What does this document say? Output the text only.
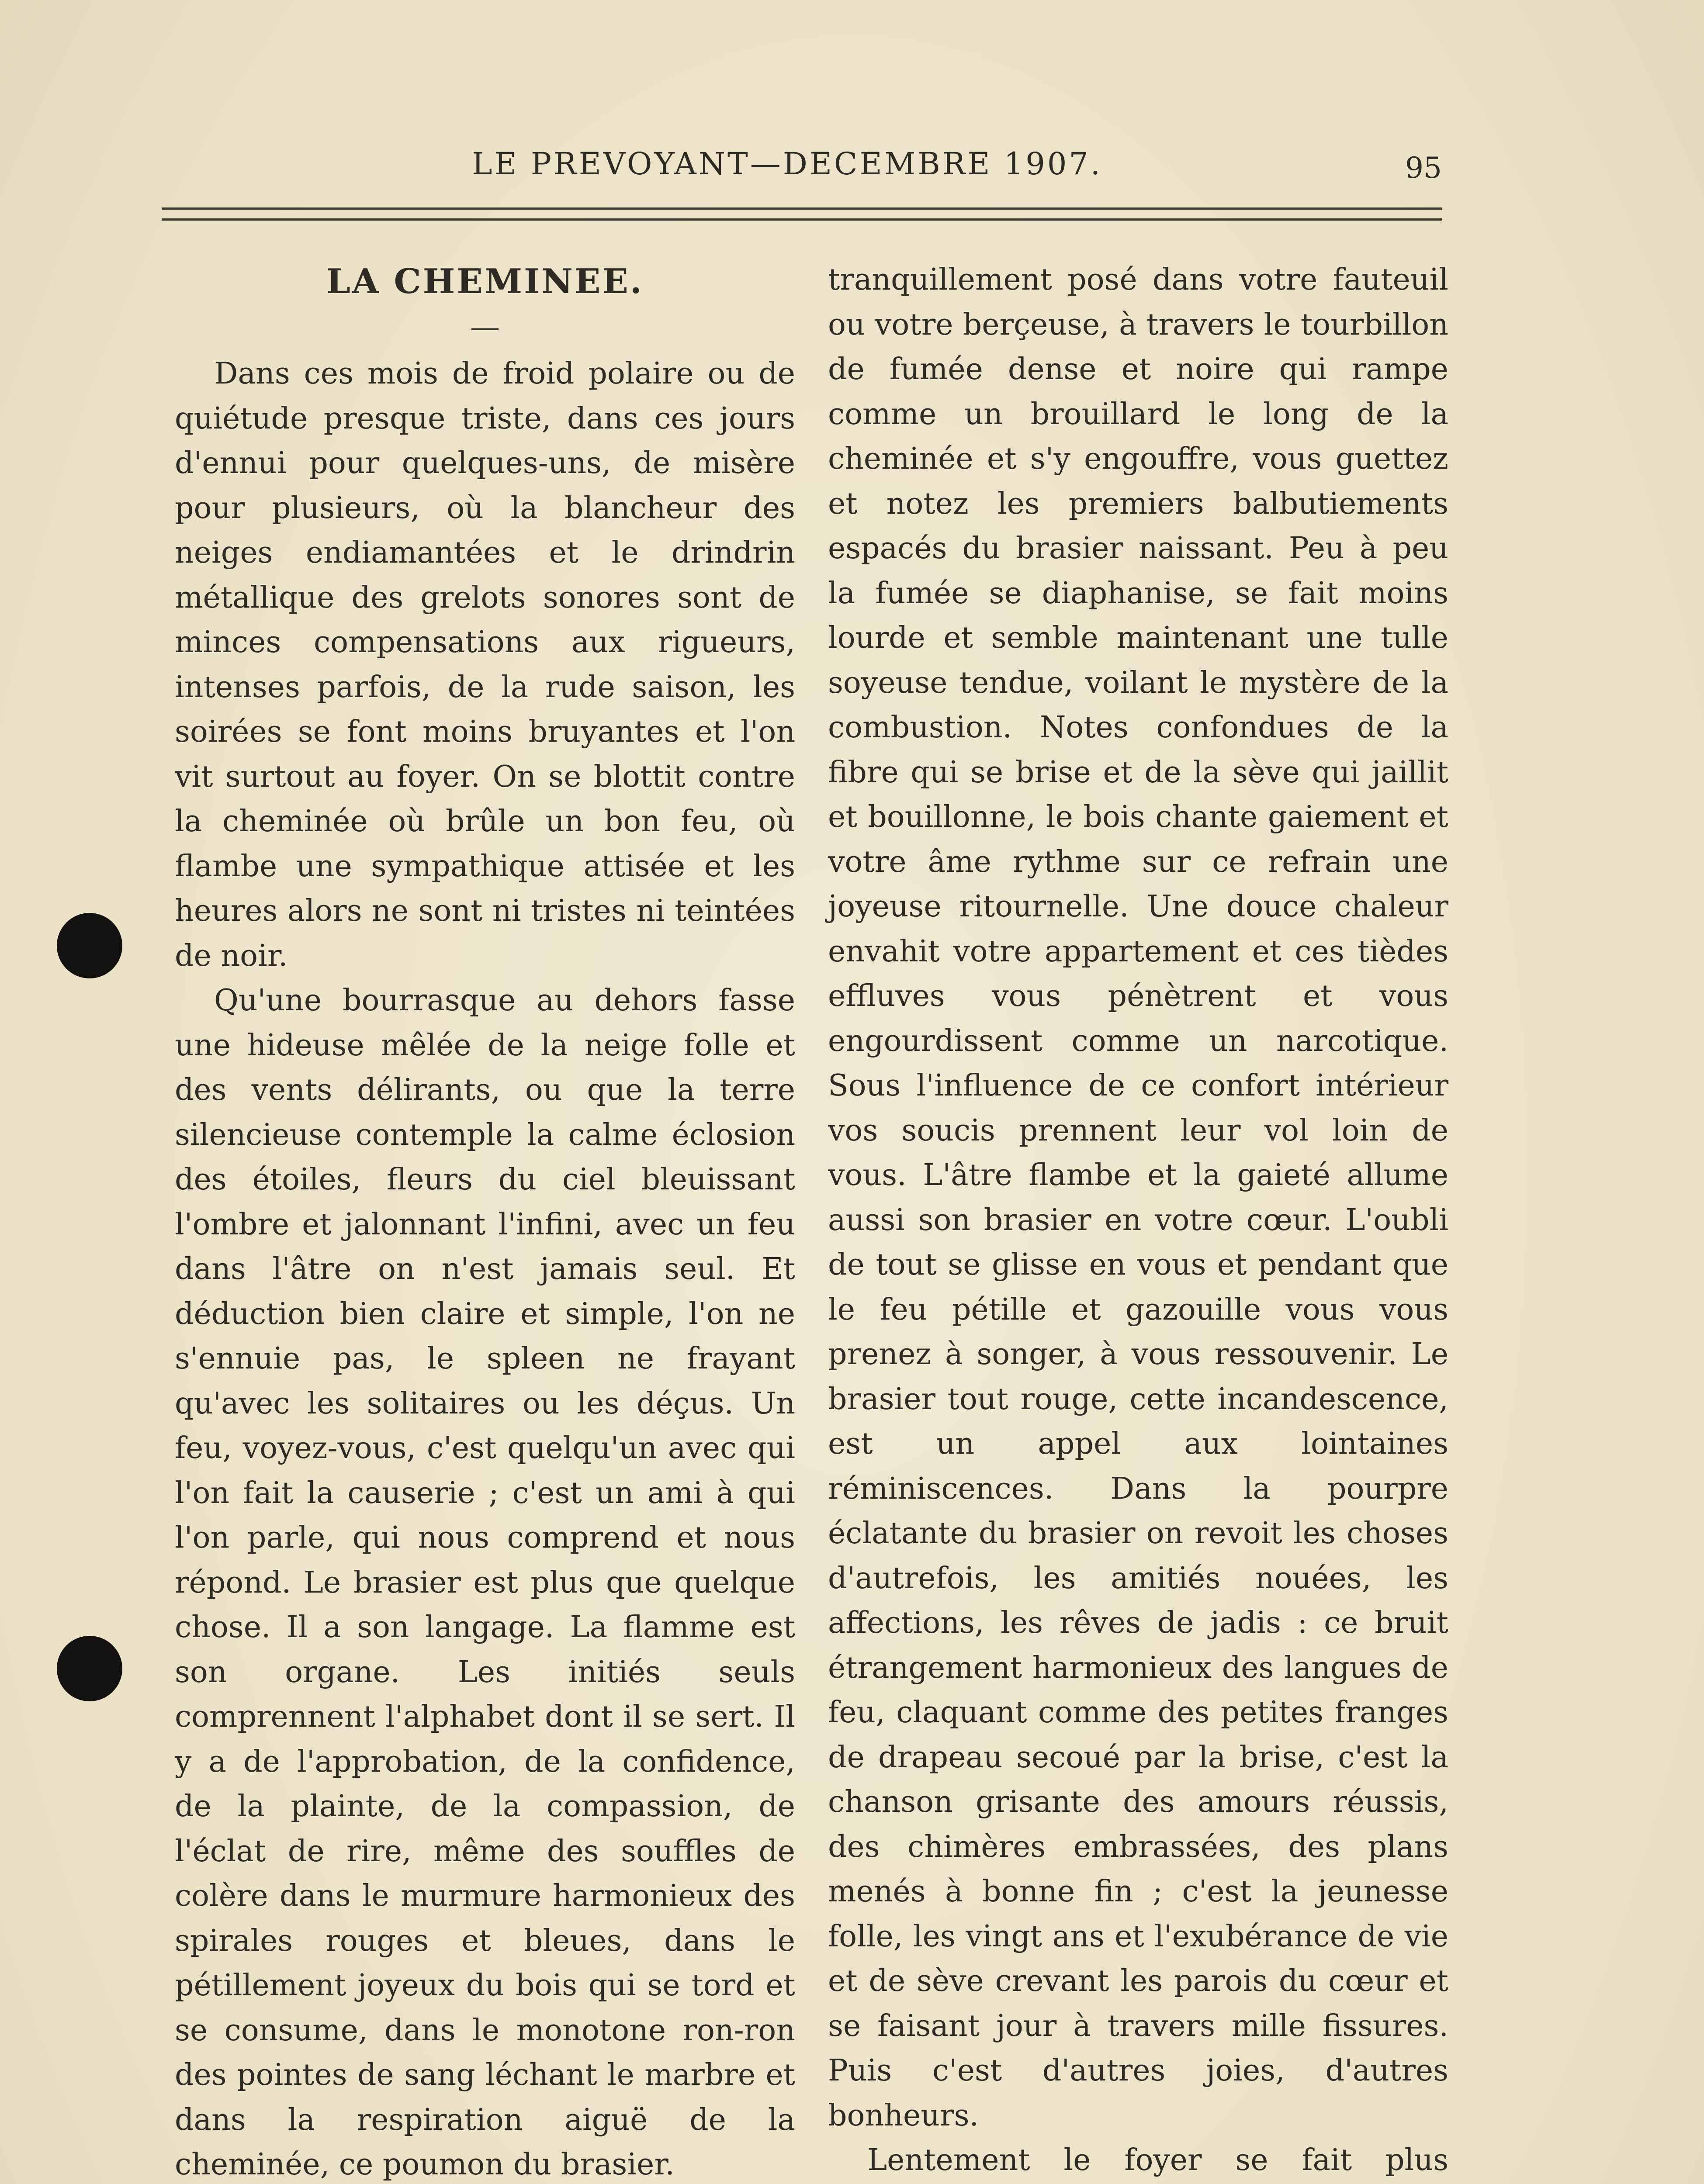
LE PREVOYANT—DECEMBRE 1907.	95
LA CHEMINEE.
—

Dans ces mois de froid polaire ou de quiétude presque triste, dans ces jours d'ennui pour quelques-uns, de misère pour plusieurs, où la blancheur des neiges endiamantées et le drindrin métallique des grelots sonores sont de minces compensations aux rigueurs, intenses parfois, de la rude saison, les soirées se font moins bruyantes et l'on vit surtout au foyer. On se blottit contre la cheminée où brûle un bon feu, où flambe une sympathique attisée et les heures alors ne sont ni tristes ni teintées de noir.

Qu'une bourrasque au dehors fasse une hideuse mêlée de la neige folle et des vents délirants, ou que la terre silencieuse contemple la calme éclosion des étoiles, fleurs du ciel bleuissant l'ombre et jalonnant l'infini, avec un feu dans l'âtre on n'est jamais seul. Et déduction bien claire et simple, l'on ne s'ennuie pas, le spleen ne frayant qu'avec les solitaires ou les déçus. Un feu, voyez-vous, c'est quelqu'un avec qui l'on fait la causerie ; c'est un ami à qui l'on parle, qui nous comprend et nous répond. Le brasier est plus que quelque chose. Il a son langage. La flamme est son organe. Les initiés seuls comprennent l'alphabet dont il se sert. Il y a de l'approbation, de la confidence, de la plainte, de la compassion, de l'éclat de rire, même des souffles de colère dans le murmure harmonieux des spirales rouges et bleues, dans le pétillement joyeux du bois qui se tord et se consume, dans le monotone ron-ron des pointes de sang léchant le marbre et dans la respiration aiguë de la cheminée, ce poumon du brasier.

tranquillement posé dans votre fauteuil ou votre berçeuse, à travers le tourbillon de fumée dense et noire qui rampe comme un brouillard le long de la cheminée et s'y engouffre, vous guettez et notez les premiers balbutiements espacés du brasier naissant. Peu à peu la fumée se diaphanise, se fait moins lourde et semble maintenant une tulle soyeuse tendue, voilant le mystère de la combustion. Notes confondues de la fibre qui se brise et de la sève qui jaillit et bouillonne, le bois chante gaiement et votre âme rythme sur ce refrain une joyeuse ritournelle. Une douce chaleur envahit votre appartement et ces tièdes effluves vous pénètrent et vous engourdissent comme un narcotique. Sous l'influence de ce confort intérieur vos soucis prennent leur vol loin de vous. L'âtre flambe et la gaieté allume aussi son brasier en votre cœur. L'oubli de tout se glisse en vous et pendant que le feu pétille et gazouille vous vous prenez à songer, à vous ressouvenir. Le brasier tout rouge, cette incandescence, est un appel aux lointaines réminiscences. Dans la pourpre éclatante du brasier on revoit les choses d'autrefois, les amitiés nouées, les affections, les rêves de jadis : ce bruit étrangement harmonieux des langues de feu, claquant comme des petites franges de drapeau secoué par la brise, c'est la chanson grisante des amours réussis, des chimères embrassées, des plans menés à bonne fin ; c'est la jeunesse folle, les vingt ans et l'exubérance de vie et de sève crevant les parois du cœur et se faisant jour à travers mille fissures. Puis c'est d'autres joies, d'autres bonheurs.

Lentement le foyer se fait plus
